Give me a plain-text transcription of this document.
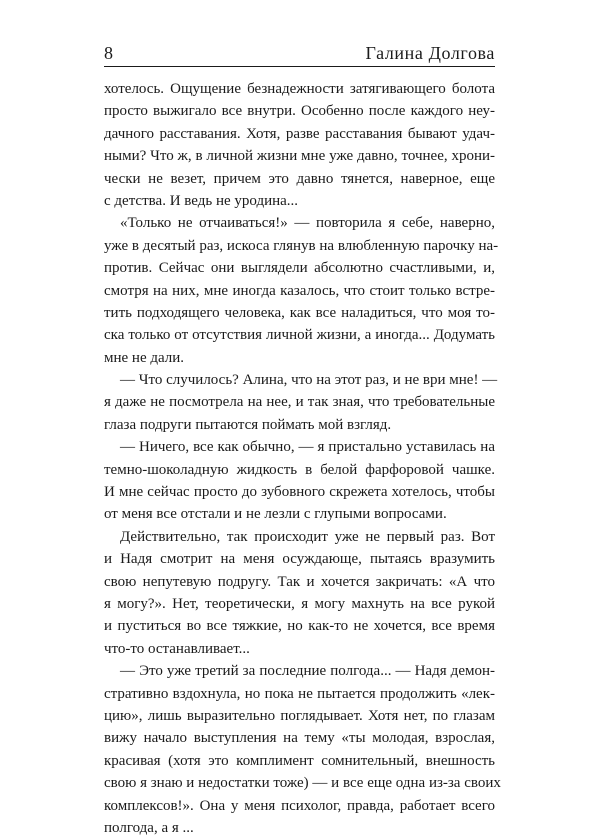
8	Галина Долгова
хотелось. Ощущение безнадежности затягивающего болота
просто выжигало все внутри. Особенно после каждого неу-
дачного расставания. Хотя, разве расставания бывают удач-
ными? Что ж, в личной жизни мне уже давно, точнее, хрони-
чески не везет, причем это давно тянется, наверное, еще
с детства. И ведь не уродина...
«Только не отчаиваться!» — повторила я себе, наверно,
уже в десятый раз, искоса глянув на влюбленную парочку на-
против. Сейчас они выглядели абсолютно счастливыми, и,
смотря на них, мне иногда казалось, что стоит только встре-
тить подходящего человека, как все наладиться, что моя то-
ска только от отсутствия личной жизни, а иногда... Додумать
мне не дали.
— Что случилось? Алина, что на этот раз, и не ври мне! —
я даже не посмотрела на нее, и так зная, что требовательные
глаза подруги пытаются поймать мой взгляд.
— Ничего, все как обычно, — я пристально уставилась на
темно-шоколадную жидкость в белой фарфоровой чашке.
И мне сейчас просто до зубовного скрежета хотелось, чтобы
от меня все отстали и не лезли с глупыми вопросами.
Действительно, так происходит уже не первый раз. Вот
и Надя смотрит на меня осуждающе, пытаясь вразумить
свою непутевую подругу. Так и хочется закричать: «А что
я могу?». Нет, теоретически, я могу махнуть на все рукой
и пуститься во все тяжкие, но как-то не хочется, все время
что-то останавливает...
— Это уже третий за последние полгода... — Надя демон-
стративно вздохнула, но пока не пытается продолжить «лек-
цию», лишь выразительно поглядывает. Хотя нет, по глазам
вижу начало выступления на тему «ты молодая, взрослая,
красивая (хотя это комплимент сомнительный, внешность
свою я знаю и недостатки тоже) — и все еще одна из-за своих
комплексов!». Она у меня психолог, правда, работает всего
полгода, а я ...
